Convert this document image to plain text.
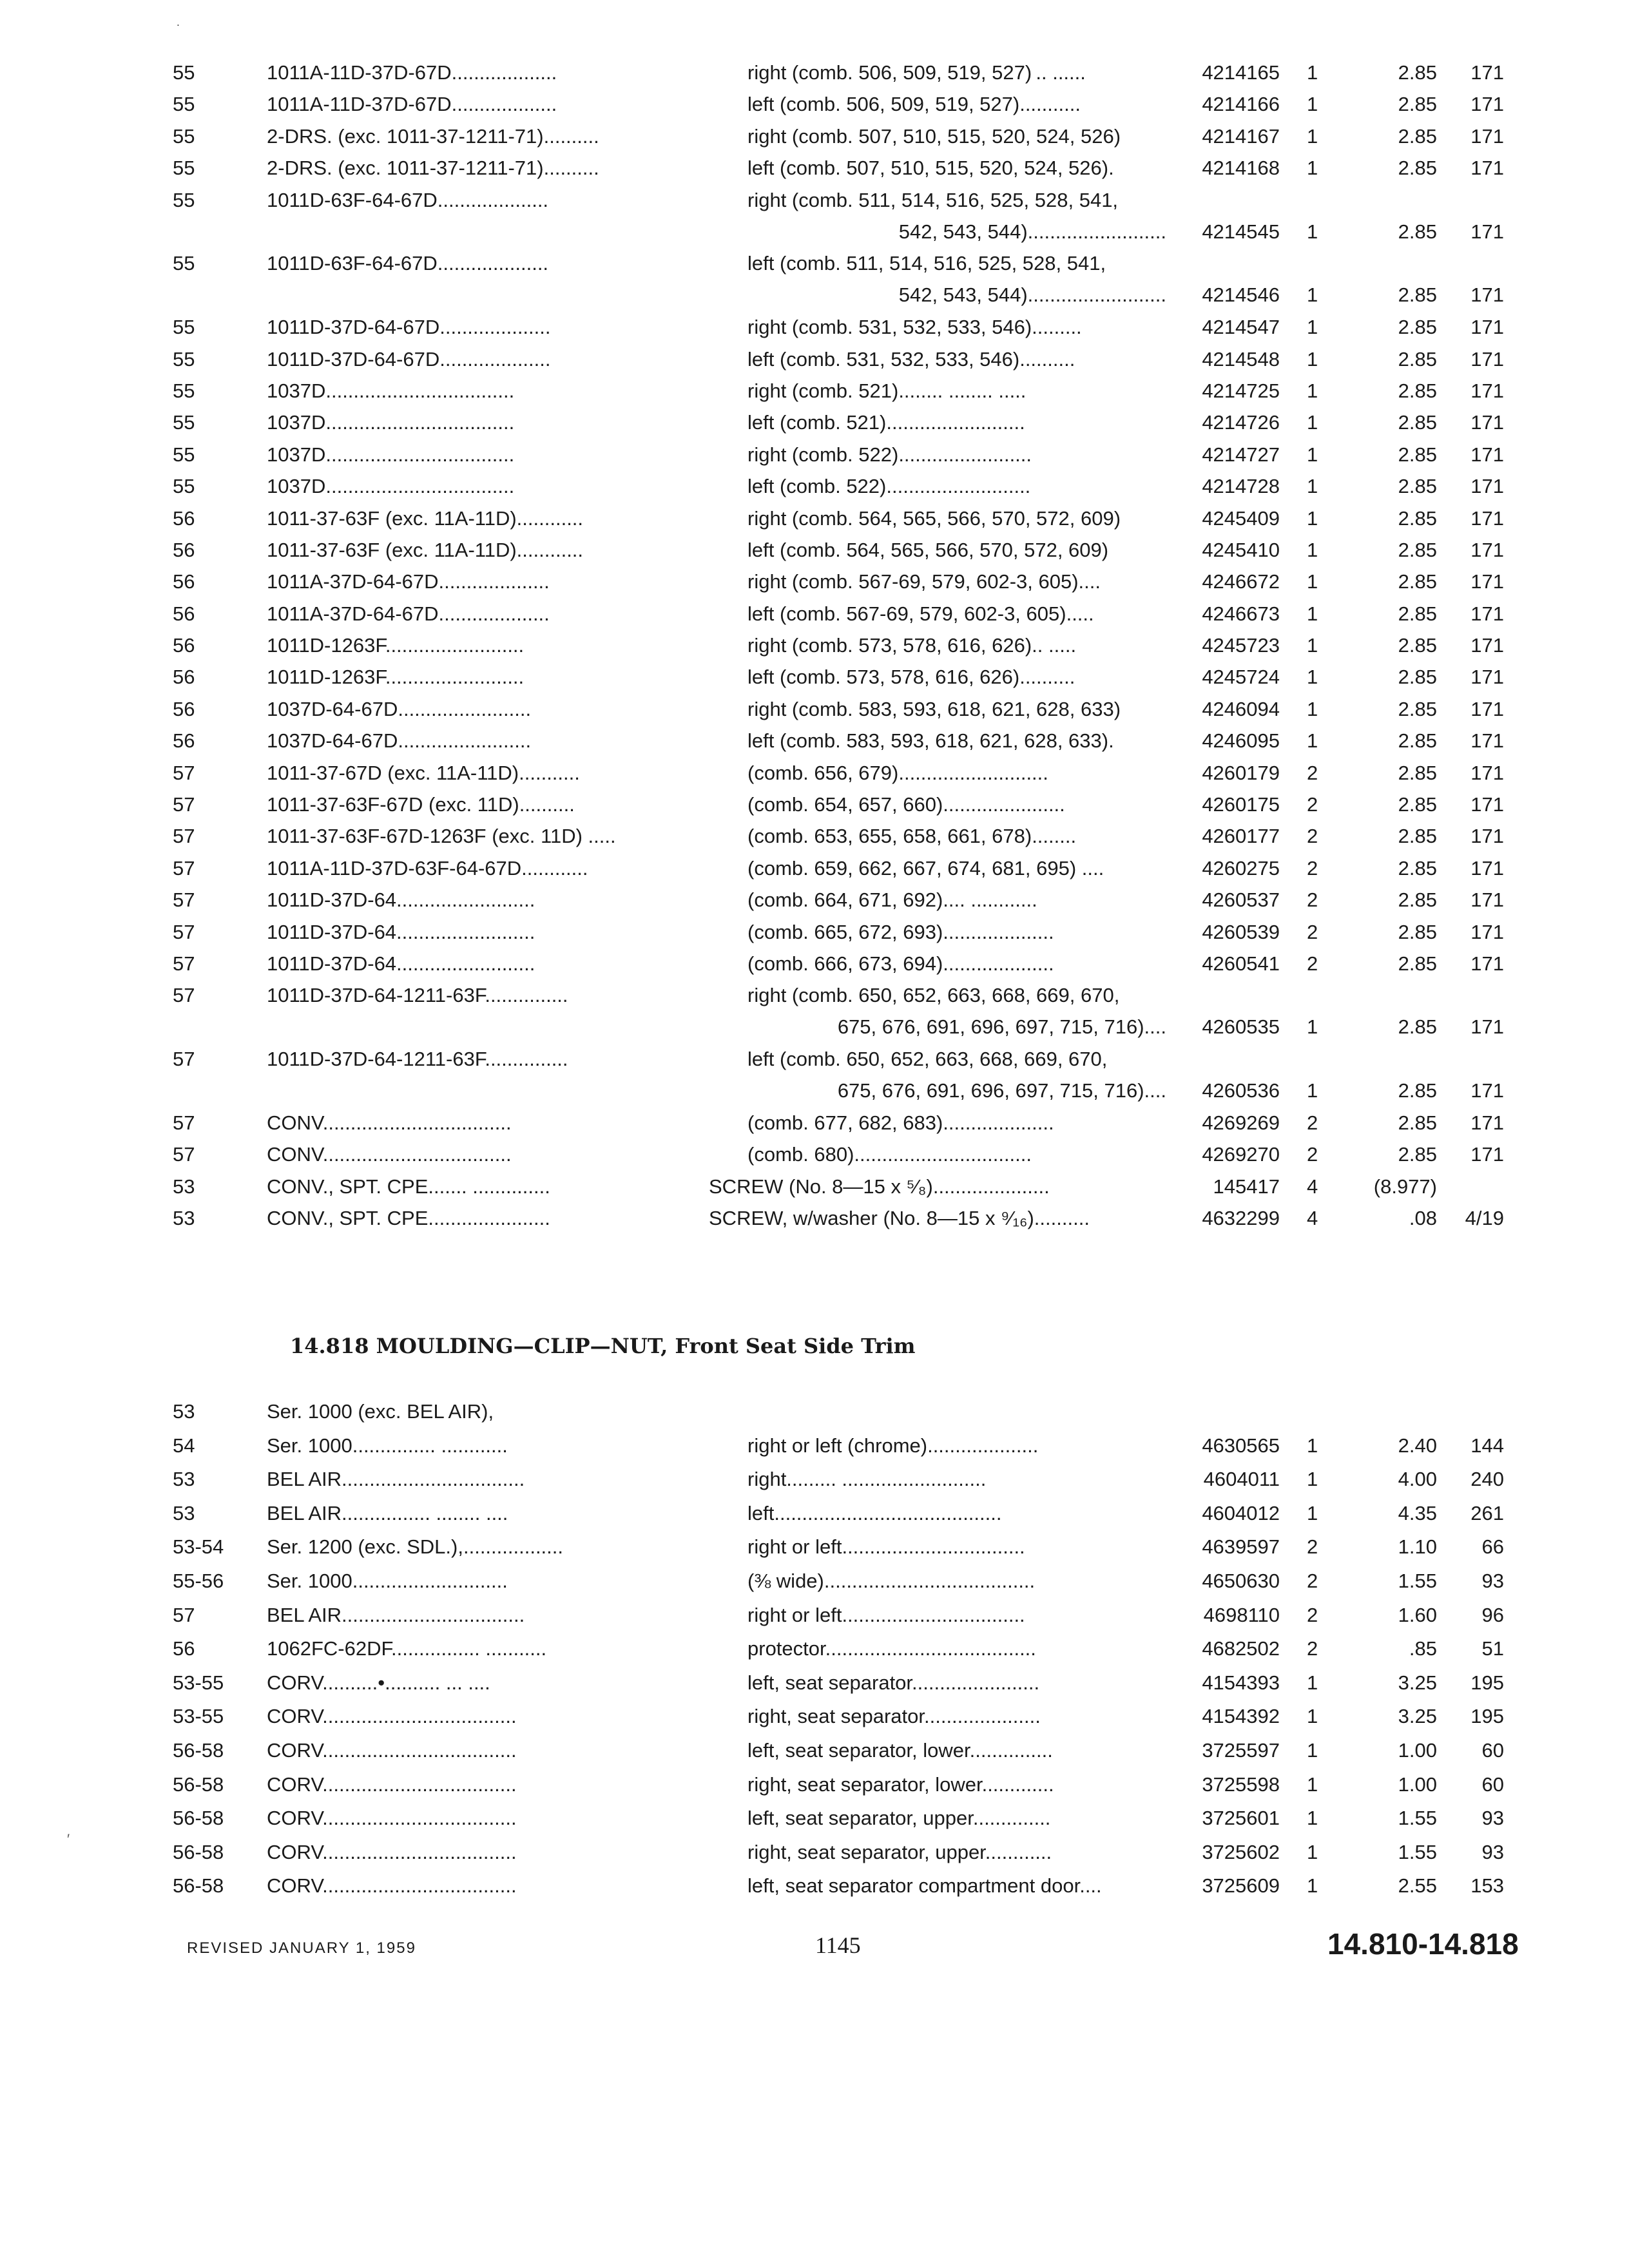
˙
55	1011A-11D-37D-67D...................	right (comb. 506, 509, 519, 527) .. ......	4214165 1	2.85	171
55	1011A-11D-37D-67D...................	left (comb. 506, 509, 519, 527)...........	4214166 1	2.85	171
55	2-DRS. (exc. 1011-37-1211-71)..........	right (comb. 507, 510, 515, 520, 524, 526)	4214167 1	2.85	171
55	2-DRS. (exc. 1011-37-1211-71)..........	left (comb. 507, 510, 515, 520, 524, 526).	4214168 1	2.85	171
55	1011D-63F-64-67D....................	right (comb. 511, 514, 516, 525, 528, 541,
542, 543, 544).........................	4214545 1	2.85	171
55	1011D-63F-64-67D....................	left (comb. 511, 514, 516, 525, 528, 541,
542, 543, 544).........................	4214546 1	2.85	171
55	1011D-37D-64-67D....................	right (comb. 531, 532, 533, 546).........	4214547 1	2.85	171
55	1011D-37D-64-67D....................	left (comb. 531, 532, 533, 546)..........	4214548 1	2.85	171
55	1037D..................................	right (comb. 521)........ ........ .....	4214725 1	2.85	171
55	1037D..................................	left (comb. 521).........................	4214726 1	2.85	171
55	1037D..................................	right (comb. 522)........................	4214727 1	2.85	171
55	1037D..................................	left (comb. 522)..........................	4214728 1	2.85	171
56	1011-37-63F (exc. 11A-11D)............	right (comb. 564, 565, 566, 570, 572, 609)	4245409 1	2.85	171
56	1011-37-63F (exc. 11A-11D)............	left (comb. 564, 565, 566, 570, 572, 609)	4245410 1	2.85	171
56	1011A-37D-64-67D....................	right (comb. 567-69, 579, 602-3, 605)....	4246672 1	2.85	171
56	1011A-37D-64-67D....................	left (comb. 567-69, 579, 602-3, 605).....	4246673 1	2.85	171
56	1011D-1263F.........................	right (comb. 573, 578, 616, 626).. .....	4245723 1	2.85	171
56	1011D-1263F.........................	left (comb. 573, 578, 616, 626)..........	4245724 1	2.85	171
56	1037D-64-67D........................	right (comb. 583, 593, 618, 621, 628, 633)	4246094 1	2.85	171
56	1037D-64-67D........................	left (comb. 583, 593, 618, 621, 628, 633).	4246095 1	2.85	171
57	1011-37-67D (exc. 11A-11D)...........	(comb. 656, 679)...........................	4260179 2	2.85	171
57	1011-37-63F-67D (exc. 11D)..........	(comb. 654, 657, 660)......................	4260175 2	2.85	171
57	1011-37-63F-67D-1263F (exc. 11D) .....	(comb. 653, 655, 658, 661, 678)........	4260177 2	2.85	171
57	1011A-11D-37D-63F-64-67D............	(comb. 659, 662, 667, 674, 681, 695) ....	4260275 2	2.85	171
57	1011D-37D-64.........................	(comb. 664, 671, 692).... ............	4260537 2	2.85	171
57	1011D-37D-64.........................	(comb. 665, 672, 693)....................	4260539 2	2.85	171
57	1011D-37D-64.........................	(comb. 666, 673, 694)....................	4260541 2	2.85	171
57	1011D-37D-64-1211-63F...............	right (comb. 650, 652, 663, 668, 669, 670,
675, 676, 691, 696, 697, 715, 716)....	4260535 1	2.85	171
57	1011D-37D-64-1211-63F...............	left (comb. 650, 652, 663, 668, 669, 670,
675, 676, 691, 696, 697, 715, 716)....	4260536 1	2.85	171
57	CONV..................................	(comb. 677, 682, 683)....................	4269269 2	2.85	171
57	CONV..................................	(comb. 680)................................	4269270 2	2.85	171
53	CONV., SPT. CPE....... ..............	SCREW (No. 8—15 x ⁵⁄₈).....................	145417 4	(8.977)
53	CONV., SPT. CPE......................	SCREW, w/washer (No. 8—15 x ⁹⁄₁₆)..........	4632299 4	.08	4/19
14.818 MOULDING—CLIP—NUT, Front Seat Side Trim
53	Ser. 1000 (exc. BEL AIR),
54	Ser. 1000............... ............	right or left (chrome)....................	4630565 1	2.40	144
53	BEL AIR.................................	right......... ..........................	4604011 1	4.00	240
53	BEL AIR................ ........ ....	left.........................................	4604012 1	4.35	261
53-54	Ser. 1200 (exc. SDL.),..................	right or left.................................	4639597 2	1.10	66
55-56	Ser. 1000............................	(⅜ wide)......................................	4650630 2	1.55	93
57	BEL AIR.................................	right or left.................................	4698110 2	1.60	96
56	1062FC-62DF................ ...........	protector......................................	4682502 2	.85	51
53-55	CORV..........•.......... ... ....	left, seat separator.......................	4154393 1	3.25	195
53-55	CORV...................................	right, seat separator.....................	4154392 1	3.25	195
56-58	CORV...................................	left, seat separator, lower...............	3725597 1	1.00	60
56-58	CORV...................................	right, seat separator, lower.............	3725598 1	1.00	60
56-58	CORV...................................	left, seat separator, upper..............	3725601 1	1.55	93
56-58	CORV...................................	right, seat separator, upper............	3725602 1	1.55	93
56-58	CORV...................................	left, seat separator compartment door....	3725609 1	2.55	153
′
REVISED JANUARY 1, 1959	1145	14.810-14.818
